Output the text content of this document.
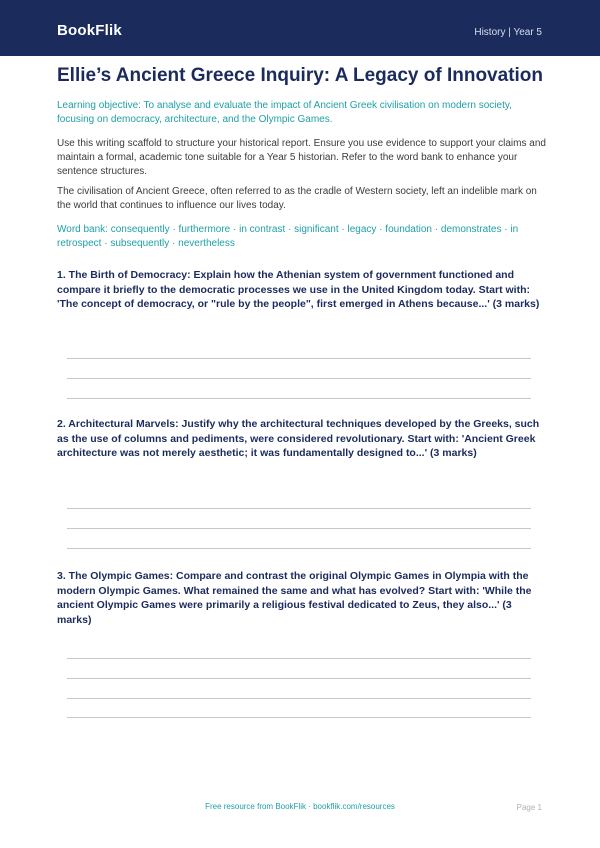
BookFlik	History | Year 5
Ellie’s Ancient Greece Inquiry: A Legacy of Innovation

Learning objective: To analyse and evaluate the impact of Ancient Greek civilisation on modern society, focusing on democracy, architecture, and the Olympic Games.

Use this writing scaffold to structure your historical report. Ensure you use evidence to support your claims and maintain a formal, academic tone suitable for a Year 5 historian. Refer to the word bank to enhance your sentence structures.

The civilisation of Ancient Greece, often referred to as the cradle of Western society, left an indelible mark on the world that continues to influence our lives today.

Word bank: consequently · furthermore · in contrast · significant · legacy · foundation · demonstrates · in retrospect · subsequently · nevertheless

1. The Birth of Democracy: Explain how the Athenian system of government functioned and compare it briefly to the democratic processes we use in the United Kingdom today. Start with: 'The concept of democracy, or "rule by the people", first emerged in Athens because...' (3 marks)

2. Architectural Marvels: Justify why the architectural techniques developed by the Greeks, such as the use of columns and pediments, were considered revolutionary. Start with: 'Ancient Greek architecture was not merely aesthetic; it was fundamentally designed to...' (3 marks)

3. The Olympic Games: Compare and contrast the original Olympic Games in Olympia with the modern Olympic Games. What remained the same and what has evolved? Start with: 'While the ancient Olympic Games were primarily a religious festival dedicated to Zeus, they also...' (3 marks)

Free resource from BookFlik · bookflik.com/resources	Page 1
